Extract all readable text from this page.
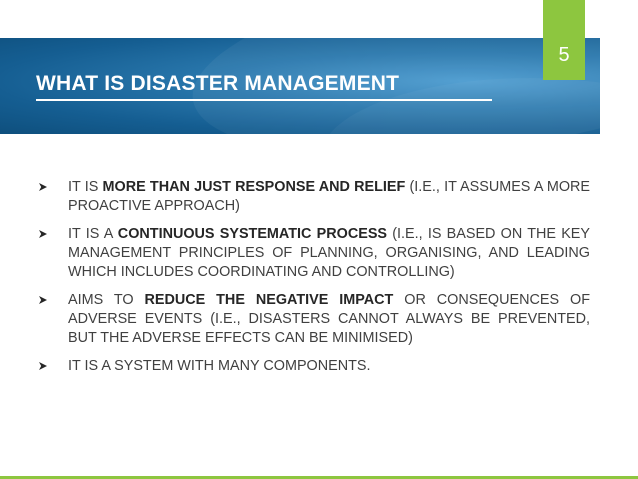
WHAT IS DISASTER MANAGEMENT
5
IT IS MORE THAN JUST RESPONSE AND RELIEF (I.E., IT ASSUMES A MORE PROACTIVE APPROACH)
IT IS A CONTINUOUS SYSTEMATIC PROCESS (I.E., IS BASED ON THE KEY MANAGEMENT PRINCIPLES OF PLANNING, ORGANISING, AND LEADING WHICH INCLUDES COORDINATING AND CONTROLLING)
AIMS TO REDUCE THE NEGATIVE IMPACT OR CONSEQUENCES OF ADVERSE EVENTS (I.E., DISASTERS CANNOT ALWAYS BE PREVENTED, BUT THE ADVERSE EFFECTS CAN BE MINIMISED)
IT IS A SYSTEM WITH MANY COMPONENTS.
